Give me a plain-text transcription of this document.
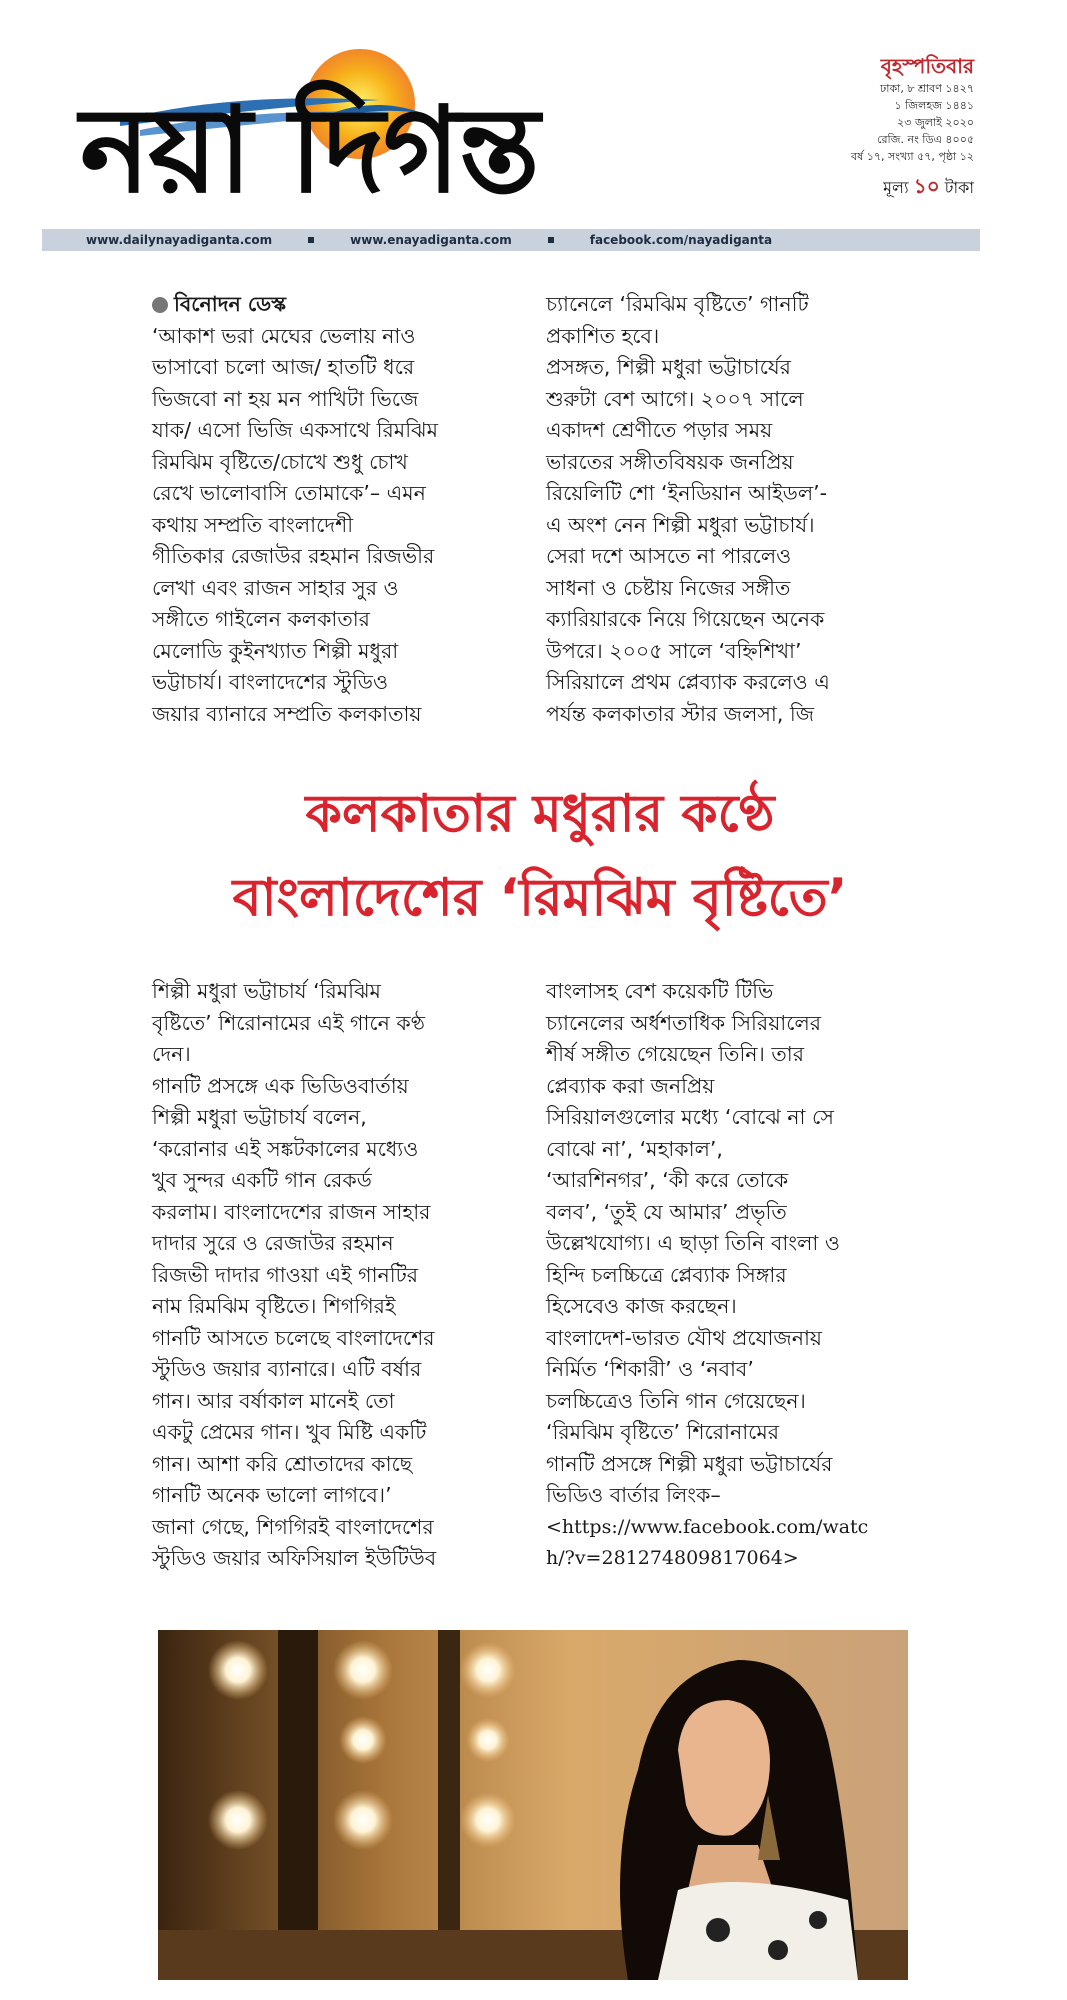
নয়া দিগন্ত
বৃহস্পতিবার
ঢাকা, ৮ শ্রাবণ ১৪২৭
১ জিলহজ ১৪৪১
২৩ জুলাই ২০২০
রেজি. নং ডিএ ৪০০৫
বর্ষ ১৭, সংখ্যা ৫৭, পৃষ্ঠা ১২
মূল্য ১০ টাকা
www.dailynayadiganta.com	www.enayadiganta.com	facebook.com/nayadiganta

বিনোদন ডেস্ক

‘আকাশ ভরা মেঘের ভেলায় নাও

ভাসাবো চলো আজ/ হাতটি ধরে

ভিজবো না হয় মন পাখিটা ভিজে

যাক/ এসো ভিজি একসাথে রিমঝিম

রিমঝিম বৃষ্টিতে/চোখে শুধু চোখ

রেখে ভালোবাসি তোমাকে’– এমন

কথায় সম্প্রতি বাংলাদেশী

গীতিকার রেজাউর রহমান রিজভীর

লেখা এবং রাজন সাহার সুর ও

সঙ্গীতে গাইলেন কলকাতার

মেলোডি কুইনখ্যাত শিল্পী মধুরা

ভট্টাচার্য। বাংলাদেশের স্টুডিও

জয়ার ব্যানারে সম্প্রতি কলকাতায়

চ্যানেলে ‘রিমঝিম বৃষ্টিতে’ গানটি

প্রকাশিত হবে।

প্রসঙ্গত, শিল্পী মধুরা ভট্টাচার্যের

শুরুটা বেশ আগে। ২০০৭ সালে

একাদশ শ্রেণীতে পড়ার সময়

ভারতের সঙ্গীতবিষয়ক জনপ্রিয়

রিয়েলিটি শো ‘ইনডিয়ান আইডল’-

এ অংশ নেন শিল্পী মধুরা ভট্টাচার্য।

সেরা দশে আসতে না পারলেও

সাধনা ও চেষ্টায় নিজের সঙ্গীত

ক্যারিয়ারকে নিয়ে গিয়েছেন অনেক

উপরে। ২০০৫ সালে ‘বহ্নিশিখা’

সিরিয়ালে প্রথম প্লেব্যাক করলেও এ

পর্যন্ত কলকাতার স্টার জলসা, জি

কলকাতার মধুরার কণ্ঠে
বাংলাদেশের ‘রিমঝিম বৃষ্টিতে’

শিল্পী মধুরা ভট্টাচার্য ‘রিমঝিম

বৃষ্টিতে’ শিরোনামের এই গানে কণ্ঠ

দেন।

গানটি প্রসঙ্গে এক ভিডিওবার্তায়

শিল্পী মধুরা ভট্টাচার্য বলেন,

‘করোনার এই সঙ্কটকালের মধ্যেও

খুব সুন্দর একটি গান রেকর্ড

করলাম। বাংলাদেশের রাজন সাহার

দাদার সুরে ও রেজাউর রহমান

রিজভী দাদার গাওয়া এই গানটির

নাম রিমঝিম বৃষ্টিতে। শিগগিরই

গানটি আসতে চলেছে বাংলাদেশের

স্টুডিও জয়ার ব্যানারে। এটি বর্ষার

গান। আর বর্ষাকাল মানেই তো

একটু প্রেমের গান। খুব মিষ্টি একটি

গান। আশা করি শ্রোতাদের কাছে

গানটি অনেক ভালো লাগবে।’

জানা গেছে, শিগগিরই বাংলাদেশের

স্টুডিও জয়ার অফিসিয়াল ইউটিউব

বাংলাসহ বেশ কয়েকটি টিভি

চ্যানেলের অর্ধশতাধিক সিরিয়ালের

শীর্ষ সঙ্গীত গেয়েছেন তিনি। তার

প্লেব্যাক করা জনপ্রিয়

সিরিয়ালগুলোর মধ্যে ‘বোঝে না সে

বোঝে না’, ‘মহাকাল’,

‘আরশিনগর’, ‘কী করে তোকে

বলব’, ‘তুই যে আমার’ প্রভৃতি

উল্লেখযোগ্য। এ ছাড়া তিনি বাংলা ও

হিন্দি চলচ্চিত্রে প্লেব্যাক সিঙ্গার

হিসেবেও কাজ করছেন।

বাংলাদেশ-ভারত যৌথ প্রযোজনায়

নির্মিত ‘শিকারী’ ও ‘নবাব’

চলচ্চিত্রেও তিনি গান গেয়েছেন।

‘রিমঝিম বৃষ্টিতে’ শিরোনামের

গানটি প্রসঙ্গে শিল্পী মধুরা ভট্টাচার্যের

ভিডিও বার্তার লিংক–

<https://www.facebook.com/watc

h/?v=281274809817064>
